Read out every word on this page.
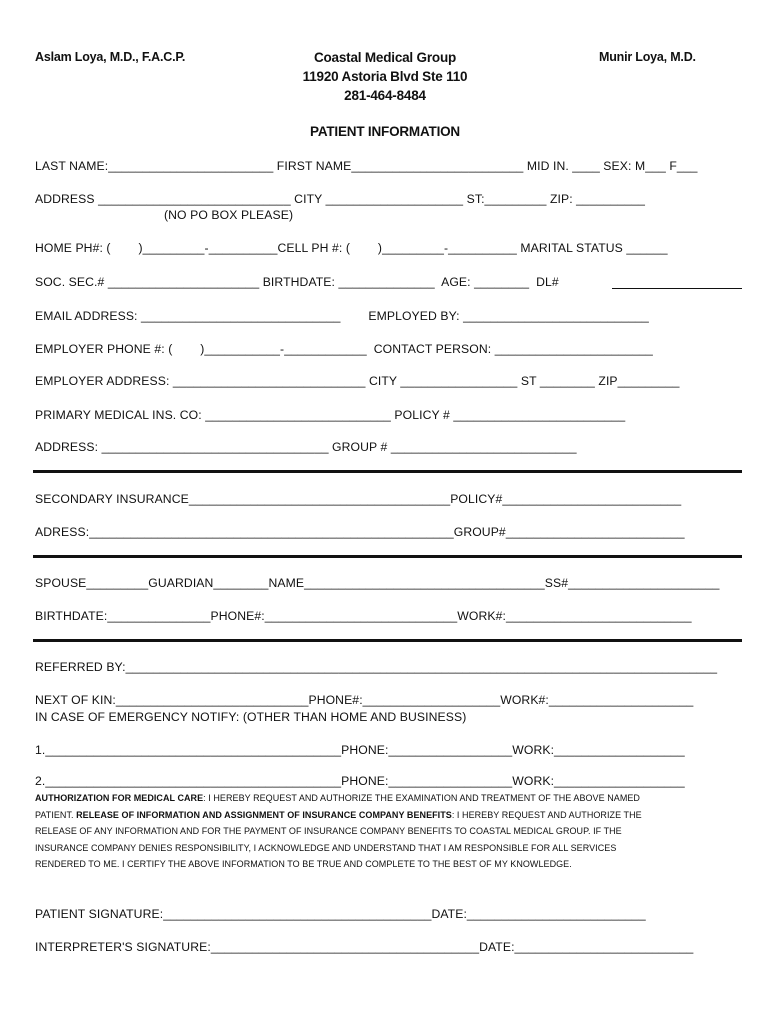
Aslam Loya, M.D., F.A.C.P.	Munir Loya, M.D.
Coastal Medical Group
11920 Astoria Blvd Ste 110
281-464-8484
PATIENT INFORMATION
LAST NAME:________________________ FIRST NAME_________________________ MID IN. ____ SEX: M___ F___
ADDRESS ____________________________ CITY ____________________ ST:_________ ZIP: __________
(NO PO BOX PLEASE)
HOME PH#: (        )_________-__________CELL PH #: (        )_________-__________ MARITAL STATUS ______
SOC. SEC.# ______________________ BIRTHDATE: ______________  AGE: ________  DL#
EMAIL ADDRESS: _____________________________        EMPLOYED BY: ___________________________
EMPLOYER PHONE #: (        )___________-____________  CONTACT PERSON: _______________________
EMPLOYER ADDRESS: ____________________________ CITY _________________ ST ________ ZIP_________
PRIMARY MEDICAL INS. CO: ___________________________ POLICY # _________________________
ADDRESS: _________________________________ GROUP # ___________________________
SECONDARY INSURANCE______________________________________POLICY#__________________________
ADRESS:_____________________________________________________GROUP#__________________________
SPOUSE_________GUARDIAN________NAME___________________________________SS#______________________
BIRTHDATE:_______________PHONE#:____________________________WORK#:___________________________
REFERRED BY:______________________________________________________________________________________
NEXT OF KIN:____________________________PHONE#:____________________WORK#:_____________________
IN CASE OF EMERGENCY NOTIFY: (OTHER THAN HOME AND BUSINESS)
1.___________________________________________PHONE:__________________WORK:___________________
2.___________________________________________PHONE:__________________WORK:___________________
AUTHORIZATION FOR MEDICAL CARE: I HEREBY REQUEST AND AUTHORIZE THE EXAMINATION AND TREATMENT OF THE ABOVE NAMED PATIENT. RELEASE OF INFORMATION AND ASSIGNMENT OF INSURANCE COMPANY BENEFITS: I HEREBY REQUEST AND AUTHORIZE THE RELEASE OF ANY INFORMATION AND FOR THE PAYMENT OF INSURANCE COMPANY BENEFITS TO COASTAL MEDICAL GROUP. IF THE INSURANCE COMPANY DENIES RESPONSIBILITY, I ACKNOWLEDGE AND UNDERSTAND THAT I AM RESPONSIBLE FOR ALL SERVICES RENDERED TO ME. I CERTIFY THE ABOVE INFORMATION TO BE TRUE AND COMPLETE TO THE BEST OF MY KNOWLEDGE.
PATIENT SIGNATURE:_______________________________________DATE:__________________________
INTERPRETER'S SIGNATURE:_______________________________________DATE:__________________________
